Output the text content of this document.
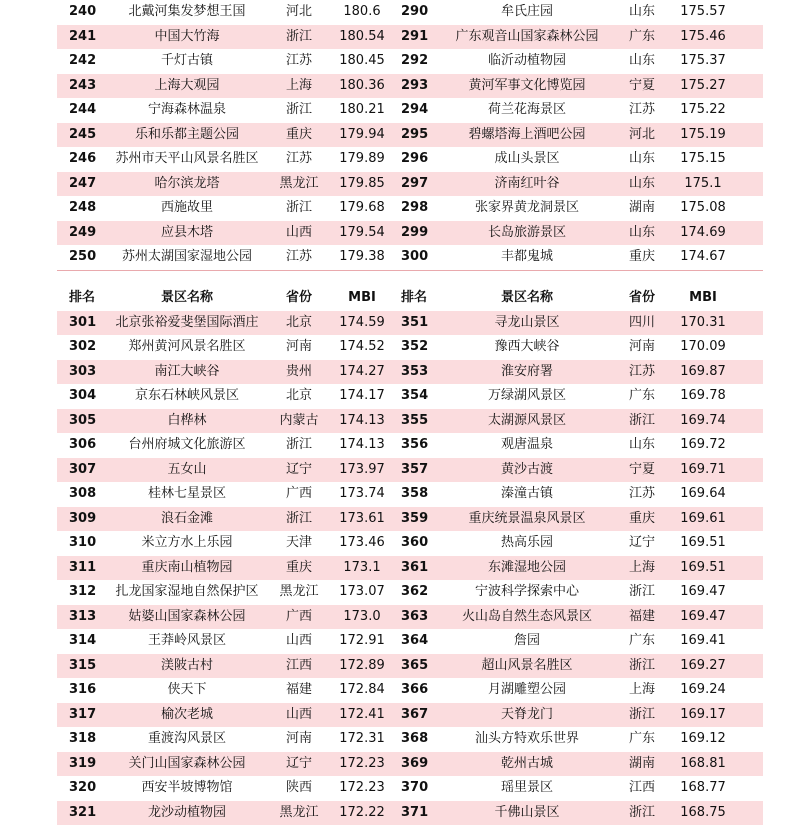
240	北戴河集发梦想王国	河北	180.6	290	牟氏庄园	山东	175.57
241	中国大竹海	浙江	180.54	291	广东观音山国家森林公园	广东	175.46
242	千灯古镇	江苏	180.45	292	临沂动植物园	山东	175.37
243	上海大观园	上海	180.36	293	黄河军事文化博览园	宁夏	175.27
244	宁海森林温泉	浙江	180.21	294	荷兰花海景区	江苏	175.22
245	乐和乐都主题公园	重庆	179.94	295	碧螺塔海上酒吧公园	河北	175.19
246	苏州市天平山风景名胜区	江苏	179.89	296	成山头景区	山东	175.15
247	哈尔滨龙塔	黑龙江	179.85	297	济南红叶谷	山东	175.1
248	西施故里	浙江	179.68	298	张家界黄龙洞景区	湖南	175.08
249	应县木塔	山西	179.54	299	长岛旅游景区	山东	174.69
250	苏州太湖国家湿地公园	江苏	179.38	300	丰都鬼城	重庆	174.67
排名	景区名称	省份	MBI	排名	景区名称	省份	MBI
301	北京张裕爱斐堡国际酒庄	北京	174.59	351	寻龙山景区	四川	170.31
302	郑州黄河风景名胜区	河南	174.52	352	豫西大峡谷	河南	170.09
303	南江大峡谷	贵州	174.27	353	淮安府署	江苏	169.87
304	京东石林峡风景区	北京	174.17	354	万绿湖风景区	广东	169.78
305	白桦林	内蒙古	174.13	355	太湖源风景区	浙江	169.74
306	台州府城文化旅游区	浙江	174.13	356	观唐温泉	山东	169.72
307	五女山	辽宁	173.97	357	黄沙古渡	宁夏	169.71
308	桂林七星景区	广西	173.74	358	溱潼古镇	江苏	169.64
309	浪石金滩	浙江	173.61	359	重庆统景温泉风景区	重庆	169.61
310	米立方水上乐园	天津	173.46	360	热高乐园	辽宁	169.51
311	重庆南山植物园	重庆	173.1	361	东滩湿地公园	上海	169.51
312	扎龙国家湿地自然保护区	黑龙江	173.07	362	宁波科学探索中心	浙江	169.47
313	姑婆山国家森林公园	广西	173.0	363	火山岛自然生态风景区	福建	169.47
314	王莽岭风景区	山西	172.91	364	詹园	广东	169.41
315	渼陂古村	江西	172.89	365	超山风景名胜区	浙江	169.27
316	侠天下	福建	172.84	366	月湖雕塑公园	上海	169.24
317	榆次老城	山西	172.41	367	天脊龙门	浙江	169.17
318	重渡沟风景区	河南	172.31	368	汕头方特欢乐世界	广东	169.12
319	关门山国家森林公园	辽宁	172.23	369	乾州古城	湖南	168.81
320	西安半坡博物馆	陕西	172.23	370	瑶里景区	江西	168.77
321	龙沙动植物园	黑龙江	172.22	371	千佛山景区	浙江	168.75
